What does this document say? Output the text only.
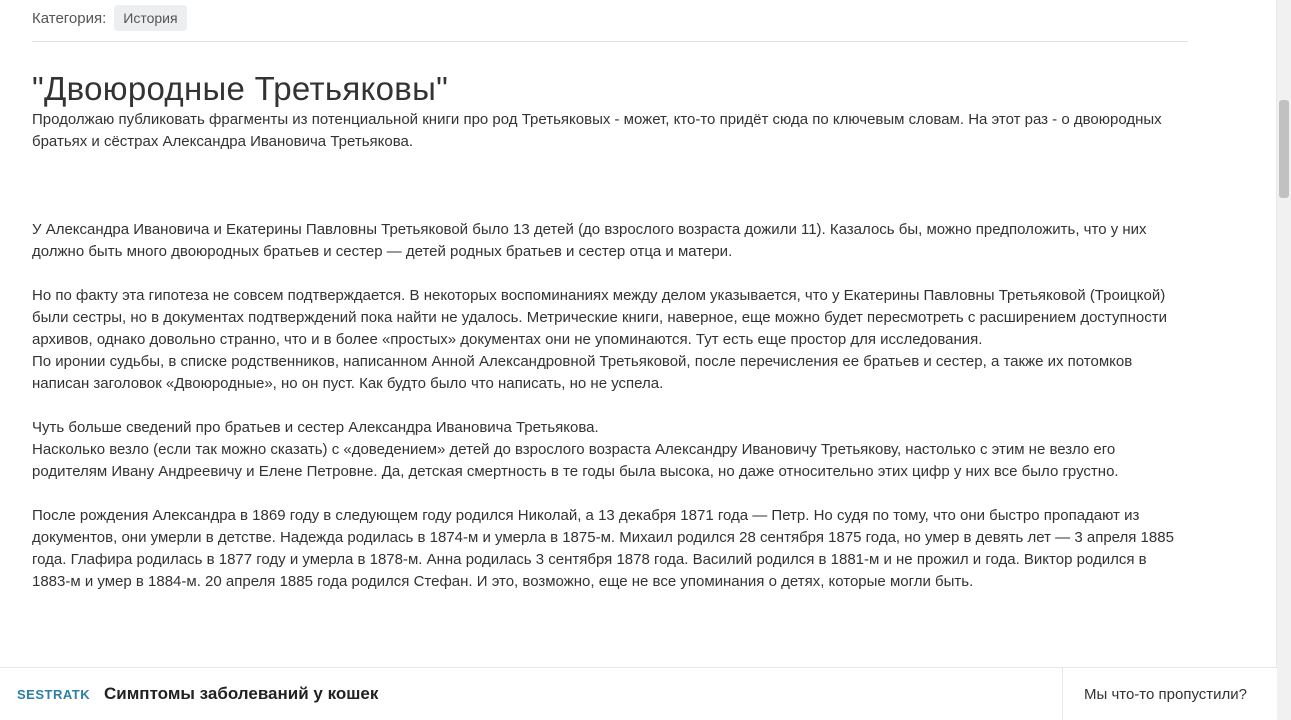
Категория:	История
"Двоюродные Третьяковы"

Продолжаю публиковать фрагменты из потенциальной книги про род Третьяковых - может, кто-то придёт сюда по ключевым словам. На этот раз - о двоюродных братьях и сёстрах Александра Ивановича Третьякова.

У Александра Ивановича и Екатерины Павловны Третьяковой было 13 детей (до взрослого возраста дожили 11). Казалось бы, можно предположить, что у них должно быть много двоюродных братьев и сестер — детей родных братьев и сестер отца и матери.

Но по факту эта гипотеза не совсем подтверждается. В некоторых воспоминаниях между делом указывается, что у Екатерины Павловны Третьяковой (Троицкой) были сестры, но в документах подтверждений пока найти не удалось. Метрические книги, наверное, еще можно будет пересмотреть с расширением доступности архивов, однако довольно странно, что и в более «простых» документах они не упоминаются. Тут есть еще простор для исследования.

По иронии судьбы, в списке родственников, написанном Анной Александровной Третьяковой, после перечисления ее братьев и сестер, а также их потомков написан заголовок «Двоюродные», но он пуст. Как будто было что написать, но не успела.

Чуть больше сведений про братьев и сестер Александра Ивановича Третьякова.

Насколько везло (если так можно сказать) с «доведением» детей до взрослого возраста Александру Ивановичу Третьякову, настолько с этим не везло его родителям Ивану Андреевичу и Елене Петровне. Да, детская смертность в те годы была высока, но даже относительно этих цифр у них все было грустно.

После рождения Александра в 1869 году в следующем году родился Николай, а 13 декабря 1871 года — Петр. Но судя по тому, что они быстро пропадают из документов, они умерли в детстве. Надежда родилась в 1874-м и умерла в 1875-м. Михаил родился 28 сентября 1875 года, но умер в девять лет — 3 апреля 1885 года. Глафира родилась в 1877 году и умерла в 1878-м. Анна родилась 3 сентября 1878 года. Василий родился в 1881-м и не прожил и года. Виктор родился в 1883-м и умер в 1884-м. 20 апреля 1885 года родился Стефан. И это, возможно, еще не все упоминания о детях, которые могли быть.

SESTRATK Симптомы заболеваний у кошек	Мы что-то пропустили?
